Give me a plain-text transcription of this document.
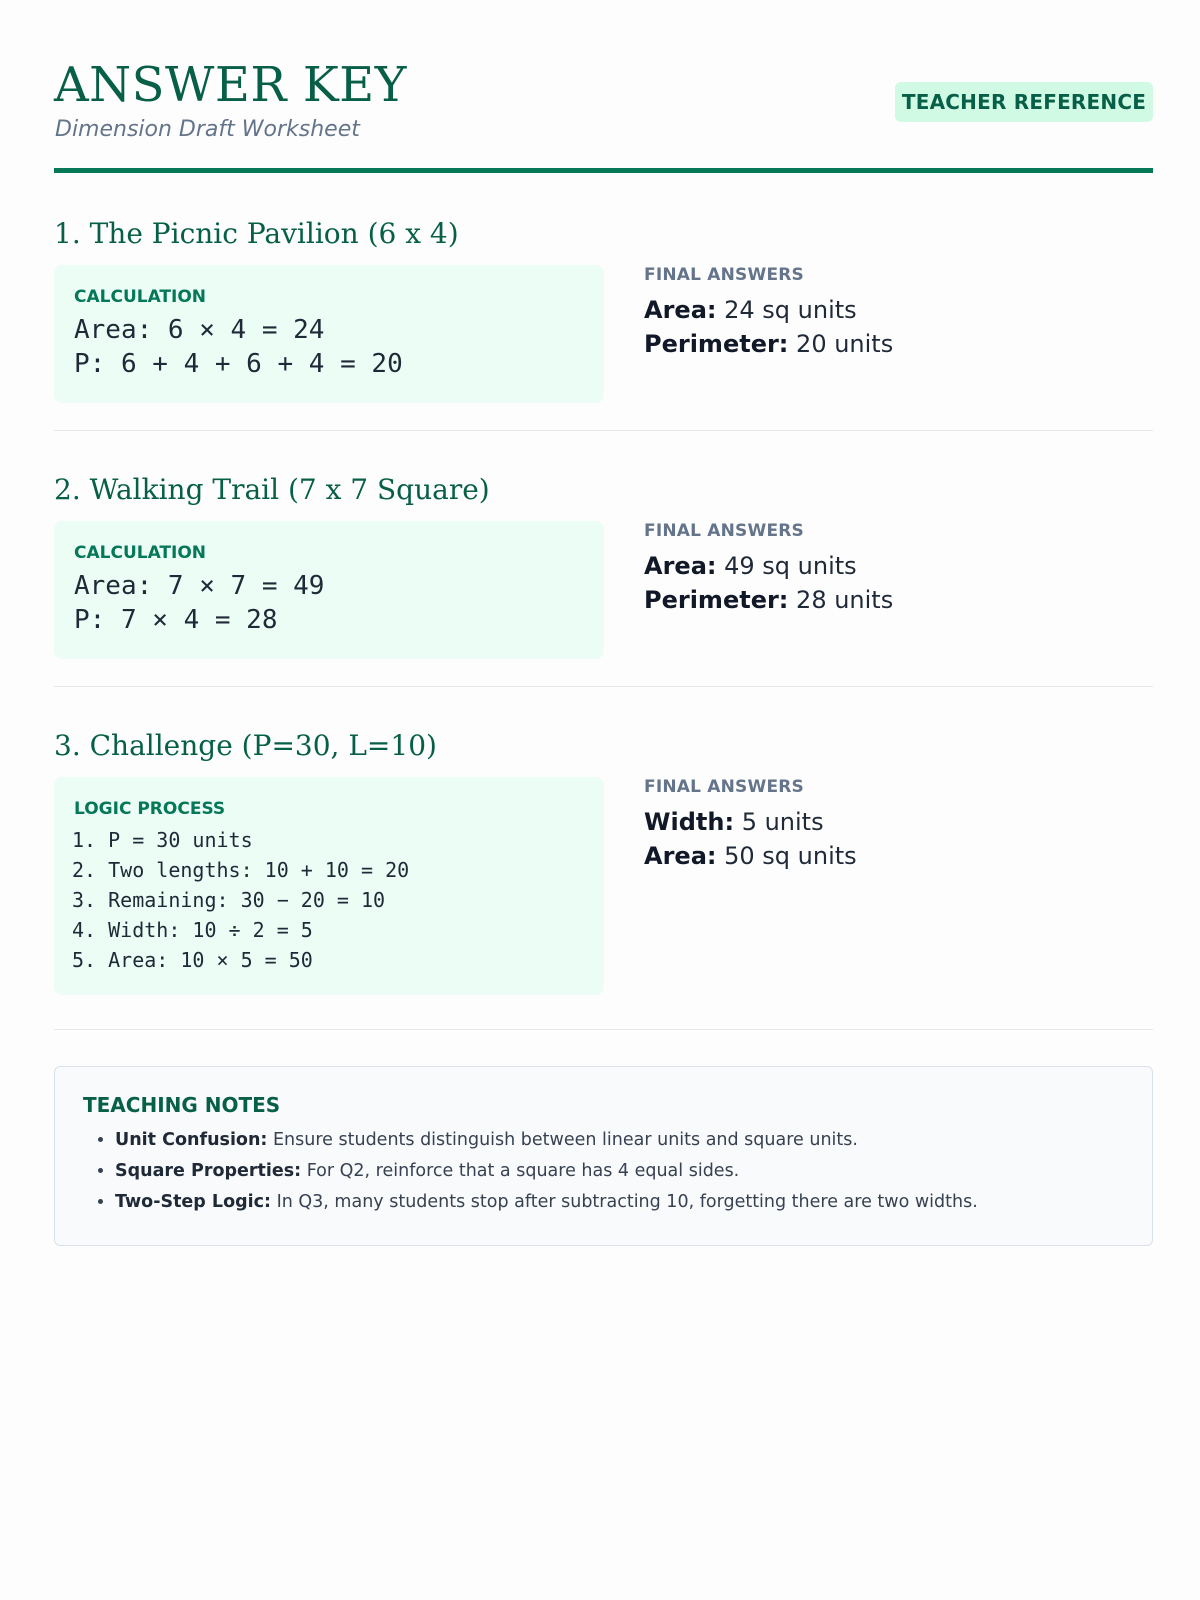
ANSWER KEY
Dimension Draft Worksheet
TEACHER REFERENCE
1. The Picnic Pavilion (6 x 4)
CALCULATION
Area: 6 × 4 = 24
P: 6 + 4 + 6 + 4 = 20
FINAL ANSWERS
Area: 24 sq units
Perimeter: 20 units
2. Walking Trail (7 x 7 Square)
CALCULATION
Area: 7 × 7 = 49
P: 7 × 4 = 28
FINAL ANSWERS
Area: 49 sq units
Perimeter: 28 units
3. Challenge (P=30, L=10)
LOGIC PROCESS
1. P = 30 units
2. Two lengths: 10 + 10 = 20
3. Remaining: 30 − 20 = 10
4. Width: 10 ÷ 2 = 5
5. Area: 10 × 5 = 50
FINAL ANSWERS
Width: 5 units
Area: 50 sq units
TEACHING NOTES
• Unit Confusion: Ensure students distinguish between linear units and square units.
• Square Properties: For Q2, reinforce that a square has 4 equal sides.
• Two-Step Logic: In Q3, many students stop after subtracting 10, forgetting there are two widths.
